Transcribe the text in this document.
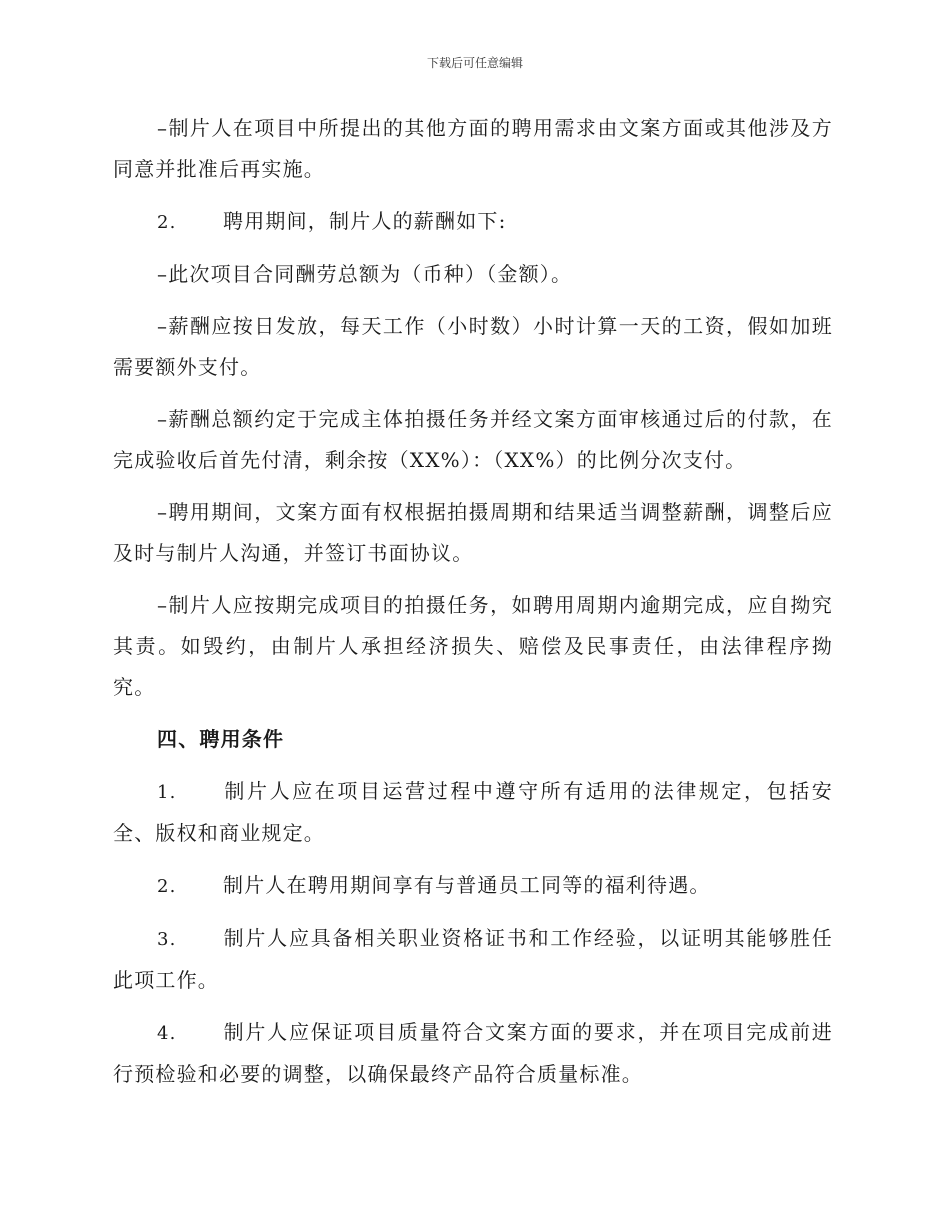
下载后可任意编辑

–制片人在项目中所提出的其他方面的聘用需求由文案方面或其他涉及方同意并批准后再实施。

2. 聘用期间，制片人的薪酬如下:

–此次项目合同酬劳总额为（币种）（金额）。

–薪酬应按日发放，每天工作（小时数）小时计算一天的工资，假如加班需要额外支付。

–薪酬总额约定于完成主体拍摄任务并经文案方面审核通过后的付款，在完成验收后首先付清，剩余按（XX%）：（XX%）的比例分次支付。

–聘用期间，文案方面有权根据拍摄周期和结果适当调整薪酬，调整后应及时与制片人沟通，并签订书面协议。

–制片人应按期完成项目的拍摄任务，如聘用周期内逾期完成，应自拗究其责。如毁约，由制片人承担经济损失、赔偿及民事责任，由法律程序拗究。

四、聘用条件

1. 制片人应在项目运营过程中遵守所有适用的法律规定，包括安全、版权和商业规定。

2. 制片人在聘用期间享有与普通员工同等的福利待遇。

3. 制片人应具备相关职业资格证书和工作经验，以证明其能够胜任此项工作。

4. 制片人应保证项目质量符合文案方面的要求，并在项目完成前进行预检验和必要的调整，以确保最终产品符合质量标准。
